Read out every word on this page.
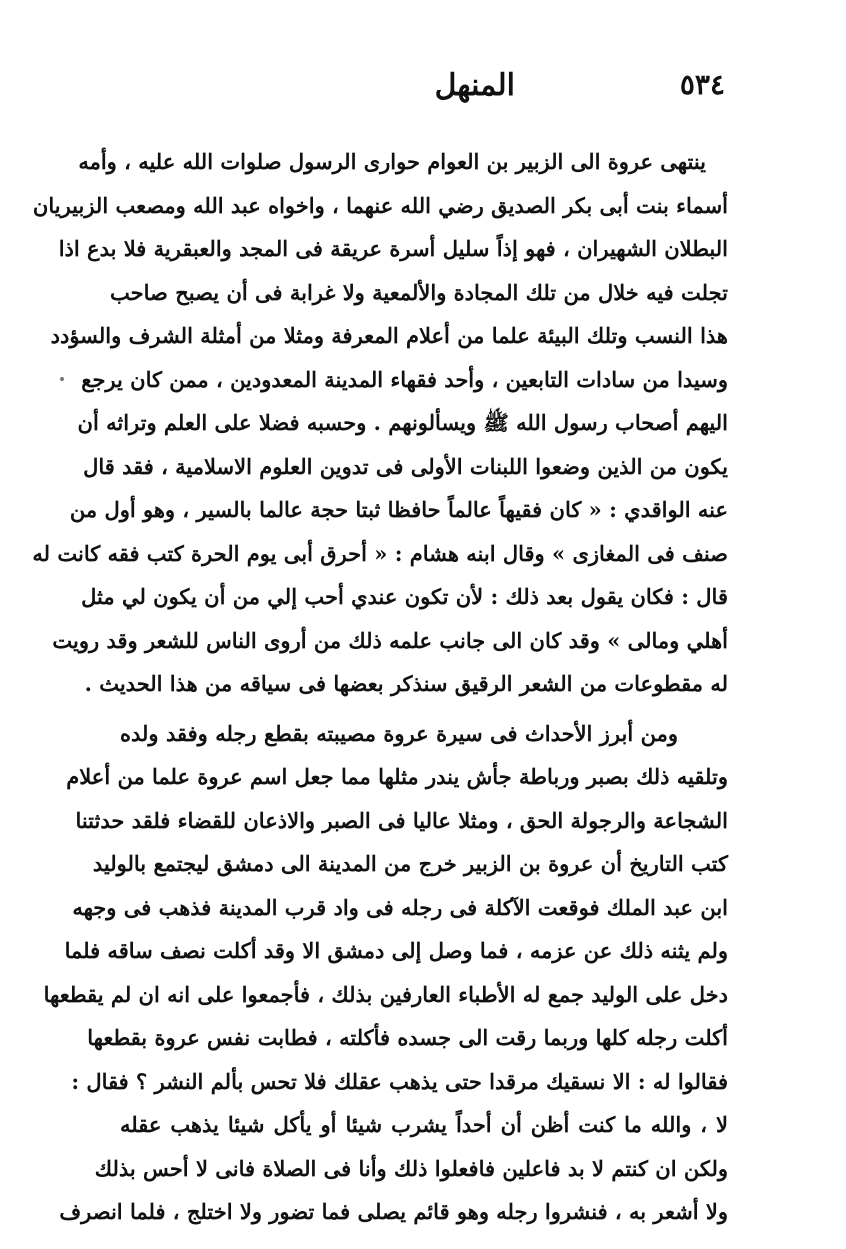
٥٣٤
المنهل
ينتهى عروة الى الزبير بن العوام حوارى الرسول صلوات الله عليه ، وأمه
أسماء بنت أبى بكر الصديق رضي الله عنهما ، واخواه عبد الله ومصعب الزبيريان
البطلان الشهيران ، فهو إذاً سليل أسرة عريقة فى المجد والعبقرية فلا بدع اذا
تجلت فيه خلال من تلك المجادة والألمعية ولا غرابة فى أن يصبح صاحب
هذا النسب وتلك البيئة علما من أعلام المعرفة ومثلا من أمثلة الشرف والسؤدد
وسيدا من سادات التابعين ، وأحد فقهاء المدينة المعدودين ، ممن كان يرجع
اليهم أصحاب رسول الله ﷺ ويسألونهم . وحسبه فضلا على العلم وتراثه أن
يكون من الذين وضعوا اللبنات الأولى فى تدوين العلوم الاسلامية ، فقد قال
عنه الواقدي : « كان فقيهاً عالماً حافظا ثبتا حجة عالما بالسير ، وهو أول من
صنف فى المغازى » وقال ابنه هشام : « أحرق أبى يوم الحرة كتب فقه كانت له
قال : فكان يقول بعد ذلك : لأن تكون عندي أحب إلي من أن يكون لي مثل
أهلي ومالى » وقد كان الى جانب علمه ذلك من أروى الناس للشعر وقد رويت
له مقطوعات من الشعر الرقيق سنذكر بعضها فى سياقه من هذا الحديث .
ومن أبرز الأحداث فى سيرة عروة مصيبته بقطع رجله وفقد ولده
وتلقيه ذلك بصبر ورباطة جأش يندر مثلها مما جعل اسم عروة علما من أعلام
الشجاعة والرجولة الحق ، ومثلا عاليا فى الصبر والاذعان للقضاء فلقد حدثتنا
كتب التاريخ أن عروة بن الزبير خرج من المدينة الى دمشق ليجتمع بالوليد
ابن عبد الملك فوقعت الآكلة فى رجله فى واد قرب المدينة فذهب فى وجهه
ولم يثنه ذلك عن عزمه ، فما وصل إلى دمشق الا وقد أكلت نصف ساقه فلما
دخل على الوليد جمع له الأطباء العارفين بذلك ، فأجمعوا على انه ان لم يقطعها
أكلت رجله كلها وربما رقت الى جسده فأكلته ، فطابت نفس عروة بقطعها
فقالوا له : الا نسقيك مرقدا حتى يذهب عقلك فلا تحس بألم النشر ؟ فقال :
لا ، والله ما كنت أظن أن أحداً يشرب شيئا أو يأكل شيئا يذهب عقله
ولكن ان كنتم لا بد فاعلين فافعلوا ذلك وأنا فى الصلاة فانى لا أحس بذلك
ولا أشعر به ، فنشروا رجله وهو قائم يصلى فما تضور ولا اختلج ، فلما انصرف
